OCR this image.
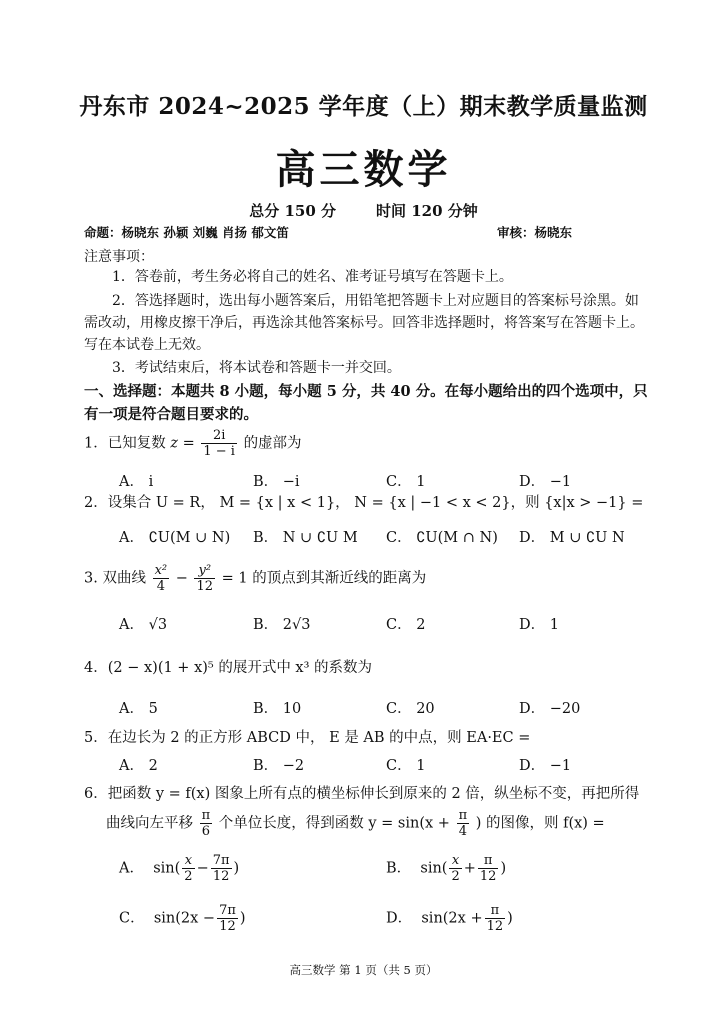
丹东市 2024~2025 学年度（上）期末教学质量监测
高三数学
总分 150 分	时间 120 分钟
命题：杨晓东 孙颖 刘巍 肖扬 郁文笛	审核：杨晓东
注意事项：
1．答卷前，考生务必将自己的姓名、准考证号填写在答题卡上。
2．答选择题时，选出每小题答案后，用铅笔把答题卡上对应题目的答案标号涂黑。如需改动，用橡皮擦干净后，再选涂其他答案标号。回答非选择题时，将答案写在答题卡上。写在本试卷上无效。
3．考试结束后，将本试卷和答题卡一并交回。
一、选择题：本题共 8 小题，每小题 5 分，共 40 分。在每小题给出的四个选项中，只有一项是符合题目要求的。
1．已知复数 $z = \frac{2i}{1 - i}$ 的虚部为
A． i	B． −i	C． 1	D． −1
2．设集合 U = R， M = {x | x < 1}， N = {x | −1 < x < 2}，则 {x|x > −1} =
A． ∁U(M ∪ N) B． N ∪ ∁U M C． ∁U(M ∩ N) D． M ∪ ∁U N
3. 双曲线 $\frac{\text{x²}}{4} - \frac{\text{y²}}{12} = 1$ 的顶点到其渐近线的距离为
A． √3	B． 2√3	C． 2	D． 1
4．(2 − x)(1 + x)⁵ 的展开式中 x³ 的系数为
A． 5	B． 10	C． 20	D． −20
5．在边长为 2 的正方形 ABCD 中， E 是 AB 的中点，则 EA·EC =
A． 2	B． −2	C． 1	D． −1
6．把函数 y = f(x) 图象上所有点的横坐标伸长到原来的 2 倍，纵坐标不变，再把所得
曲线向左平移 $\frac{\pi}{6}$ 个单位长度，得到函数 $y = \sin(x + \frac{\pi}{4}$ ) 的图像，则 f(x) =
A． $\sin( \frac{x}{2} - \frac{7\pi}{12}$ )	B． $\sin( \frac{x}{2} + \frac{\pi}{12}$ )
C． $\sin(2x - \frac{7\pi}{12}$ )	D． $\sin(2x + \frac{\pi}{12}$ )
高三数学 第 1 页（共 5 页）
